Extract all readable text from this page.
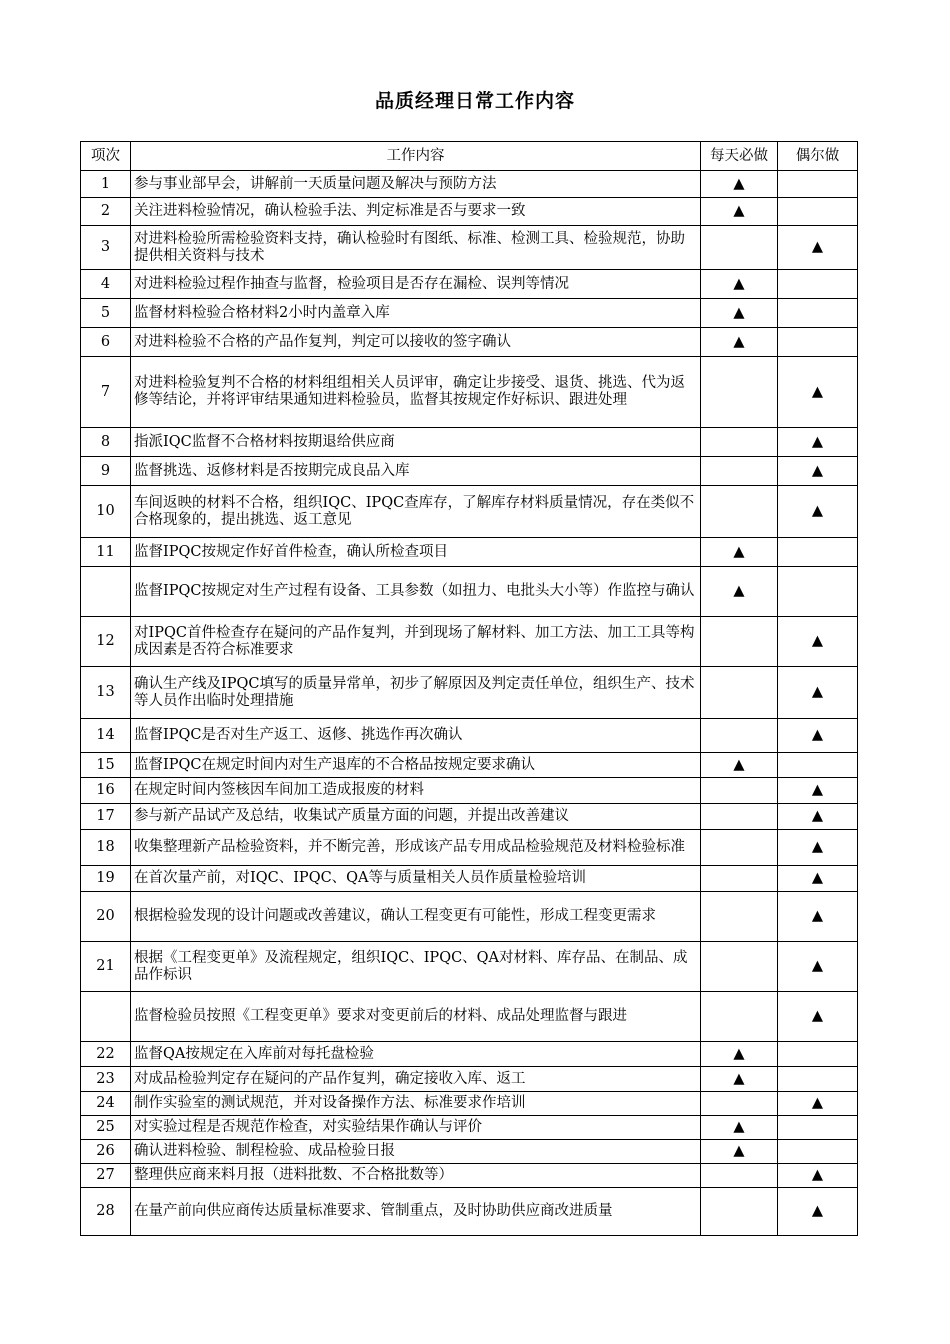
品质经理日常工作内容
项次	工作内容	每天必做	偶尔做
1	参与事业部早会，讲解前一天质量问题及解决与预防方法	▲	
2	关注进料检验情况，确认检验手法、判定标准是否与要求一致	▲	
3	对进料检验所需检验资料支持，确认检验时有图纸、标准、检测工具、检验规范，协助提供相关资料与技术		▲
4	对进料检验过程作抽查与监督，检验项目是否存在漏检、误判等情况	▲	
5	监督材料检验合格材料2小时内盖章入库	▲	
6	对进料检验不合格的产品作复判，判定可以接收的签字确认	▲	
7	对进料检验复判不合格的材料组组相关人员评审，确定让步接受、退货、挑选、代为返修等结论，并将评审结果通知进料检验员，监督其按规定作好标识、跟进处理		▲
8	指派IQC监督不合格材料按期退给供应商		▲
9	监督挑选、返修材料是否按期完成良品入库		▲
10	车间返映的材料不合格，组织IQC、IPQC查库存，了解库存材料质量情况，存在类似不合格现象的，提出挑选、返工意见		▲
11	监督IPQC按规定作好首件检查，确认所检查项目	▲	
	监督IPQC按规定对生产过程有设备、工具参数（如扭力、电批头大小等）作监控与确认	▲	
12	对IPQC首件检查存在疑问的产品作复判，并到现场了解材料、加工方法、加工工具等构成因素是否符合标准要求		▲
13	确认生产线及IPQC填写的质量异常单，初步了解原因及判定责任单位，组织生产、技术等人员作出临时处理措施		▲
14	监督IPQC是否对生产返工、返修、挑选作再次确认		▲
15	监督IPQC在规定时间内对生产退库的不合格品按规定要求确认	▲	
16	在规定时间内签核因车间加工造成报废的材料		▲
17	参与新产品试产及总结，收集试产质量方面的问题，并提出改善建议		▲
18	收集整理新产品检验资料，并不断完善，形成该产品专用成品检验规范及材料检验标准		▲
19	在首次量产前，对IQC、IPQC、QA等与质量相关人员作质量检验培训		▲
20	根据检验发现的设计问题或改善建议，确认工程变更有可能性，形成工程变更需求		▲
21	根据《工程变更单》及流程规定，组织IQC、IPQC、QA对材料、库存品、在制品、成品作标识		▲
	监督检验员按照《工程变更单》要求对变更前后的材料、成品处理监督与跟进		▲
22	监督QA按规定在入库前对每托盘检验	▲	
23	对成品检验判定存在疑问的产品作复判，确定接收入库、返工	▲	
24	制作实验室的测试规范，并对设备操作方法、标准要求作培训		▲
25	对实验过程是否规范作检查，对实验结果作确认与评价	▲	
26	确认进料检验、制程检验、成品检验日报	▲	
27	整理供应商来料月报（进料批数、不合格批数等）		▲
28	在量产前向供应商传达质量标准要求、管制重点，及时协助供应商改进质量		▲
